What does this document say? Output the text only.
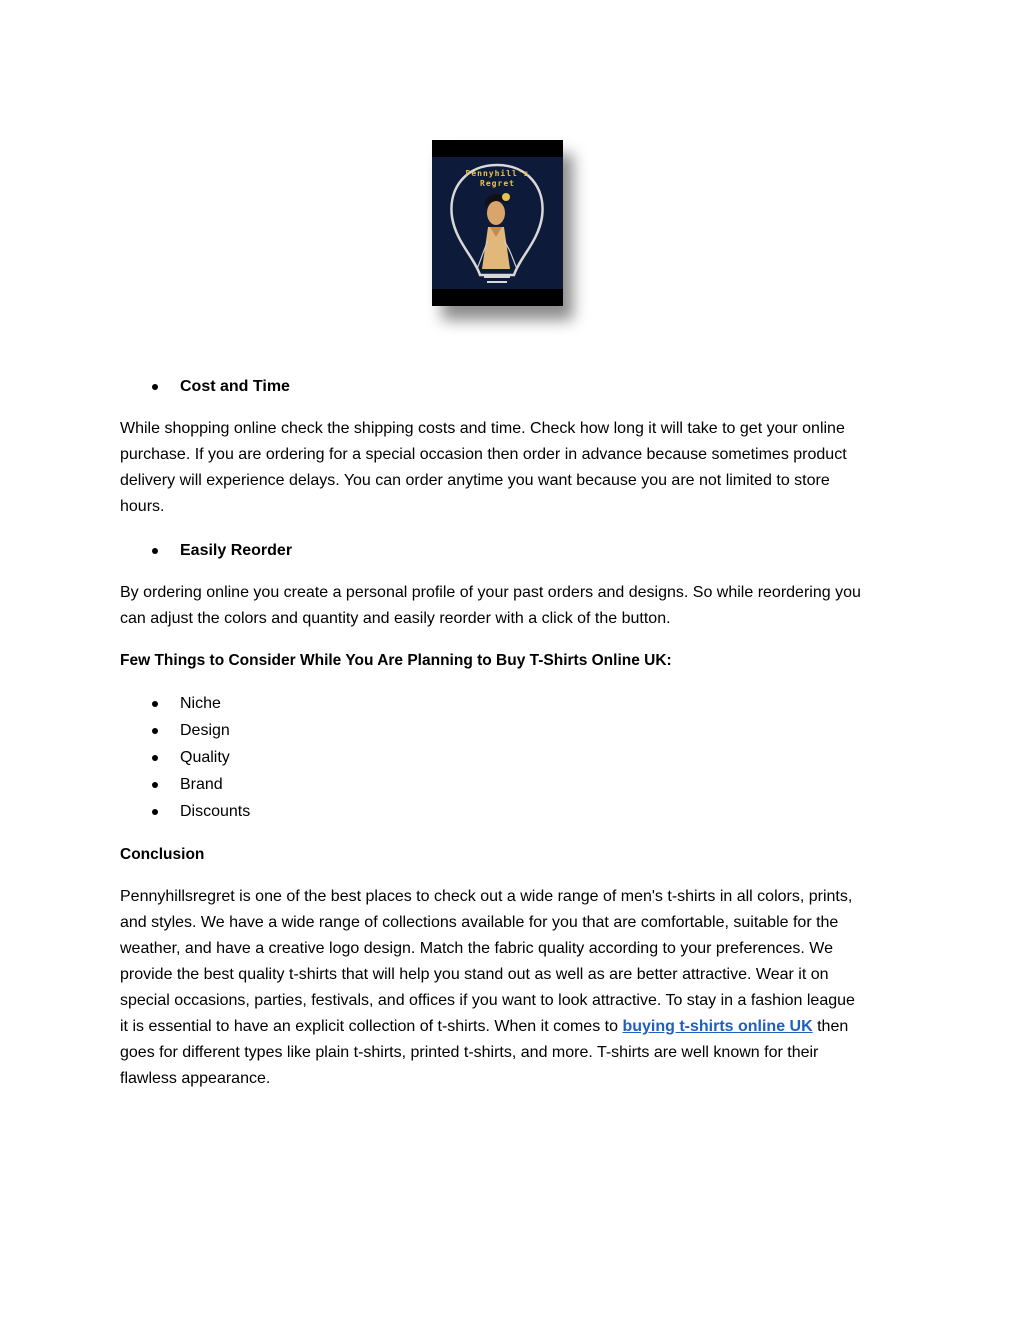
Pennyhill's
Regret
Cost and Time
While shopping online check the shipping costs and time. Check how long it will take to get your online
purchase. If you are ordering for a special occasion then order in advance because sometimes product
delivery will experience delays. You can order anytime you want because you are not limited to store
hours.
Easily Reorder
By ordering online you create a personal profile of your past orders and designs. So while reordering you
can adjust the colors and quantity and easily reorder with a click of the button.
Few Things to Consider While You Are Planning to Buy T-Shirts Online UK:
Niche
Design
Quality
Brand
Discounts
Conclusion
Pennyhillsregret is one of the best places to check out a wide range of men's t-shirts in all colors, prints,
and styles. We have a wide range of collections available for you that are comfortable, suitable for the
weather, and have a creative logo design. Match the fabric quality according to your preferences. We
provide the best quality t-shirts that will help you stand out as well as are better attractive. Wear it on
special occasions, parties, festivals, and offices if you want to look attractive. To stay in a fashion league
it is essential to have an explicit collection of t-shirts. When it comes to buying t-shirts online UK then
goes for different types like plain t-shirts, printed t-shirts, and more. T-shirts are well known for their
flawless appearance.
